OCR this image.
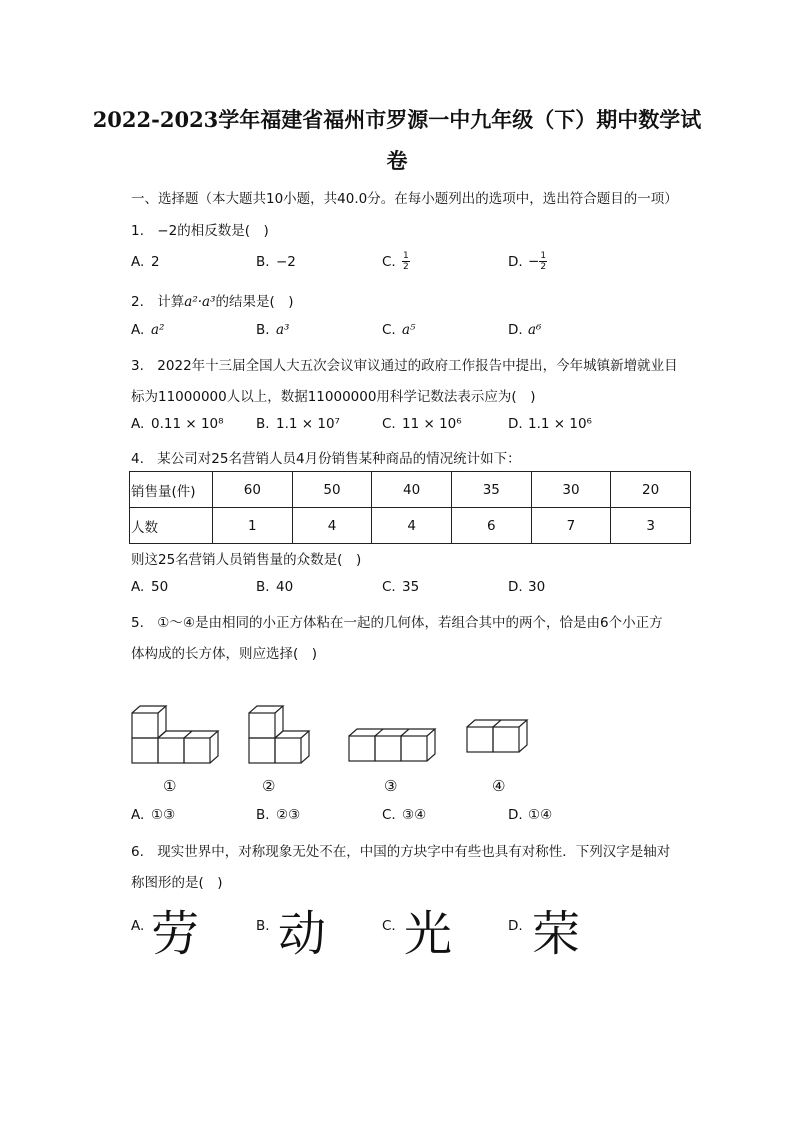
2022-2023学年福建省福州市罗源一中九年级（下）期中数学试
卷
一、选择题（本大题共10小题，共40.0分。在每小题列出的选项中，选出符合题目的一项）
1. −2的相反数是(　)
A. 2	B. −2	C. $\frac{1}{2}$	D. − $\frac{1}{2}$
2. 计算a²·a³的结果是(　)
A. a²	B. a³	C. a⁵	D. a⁶
3. 2022年十三届全国人大五次会议审议通过的政府工作报告中提出，今年城镇新增就业目
标为11000000人以上，数据11000000用科学记数法表示应为(　)
A. 0.11 × 10⁸ B. 1.1 × 10⁷	C. 11 × 10⁶	D. 1.1 × 10⁶
4. 某公司对25名营销人员4月份销售某种商品的情况统计如下：
销售量(件)	60	50	40	35	30	20
人数	1	4	4	6	7	3
则这25名营销人员销售量的众数是(　)
A. 50	B. 40	C. 35	D. 30
5. ①～④是由相同的小正方体粘在一起的几何体，若组合其中的两个，恰是由6个小正方
体构成的长方体，则应选择(　)
①	②	③	④
A. ①③	B. ②③	C. ③④	D. ①④
6. 现实世界中，对称现象无处不在，中国的方块字中有些也具有对称性．下列汉字是轴对
称图形的是(　)
A. 劳	B. 动	C. 光	D. 荣
